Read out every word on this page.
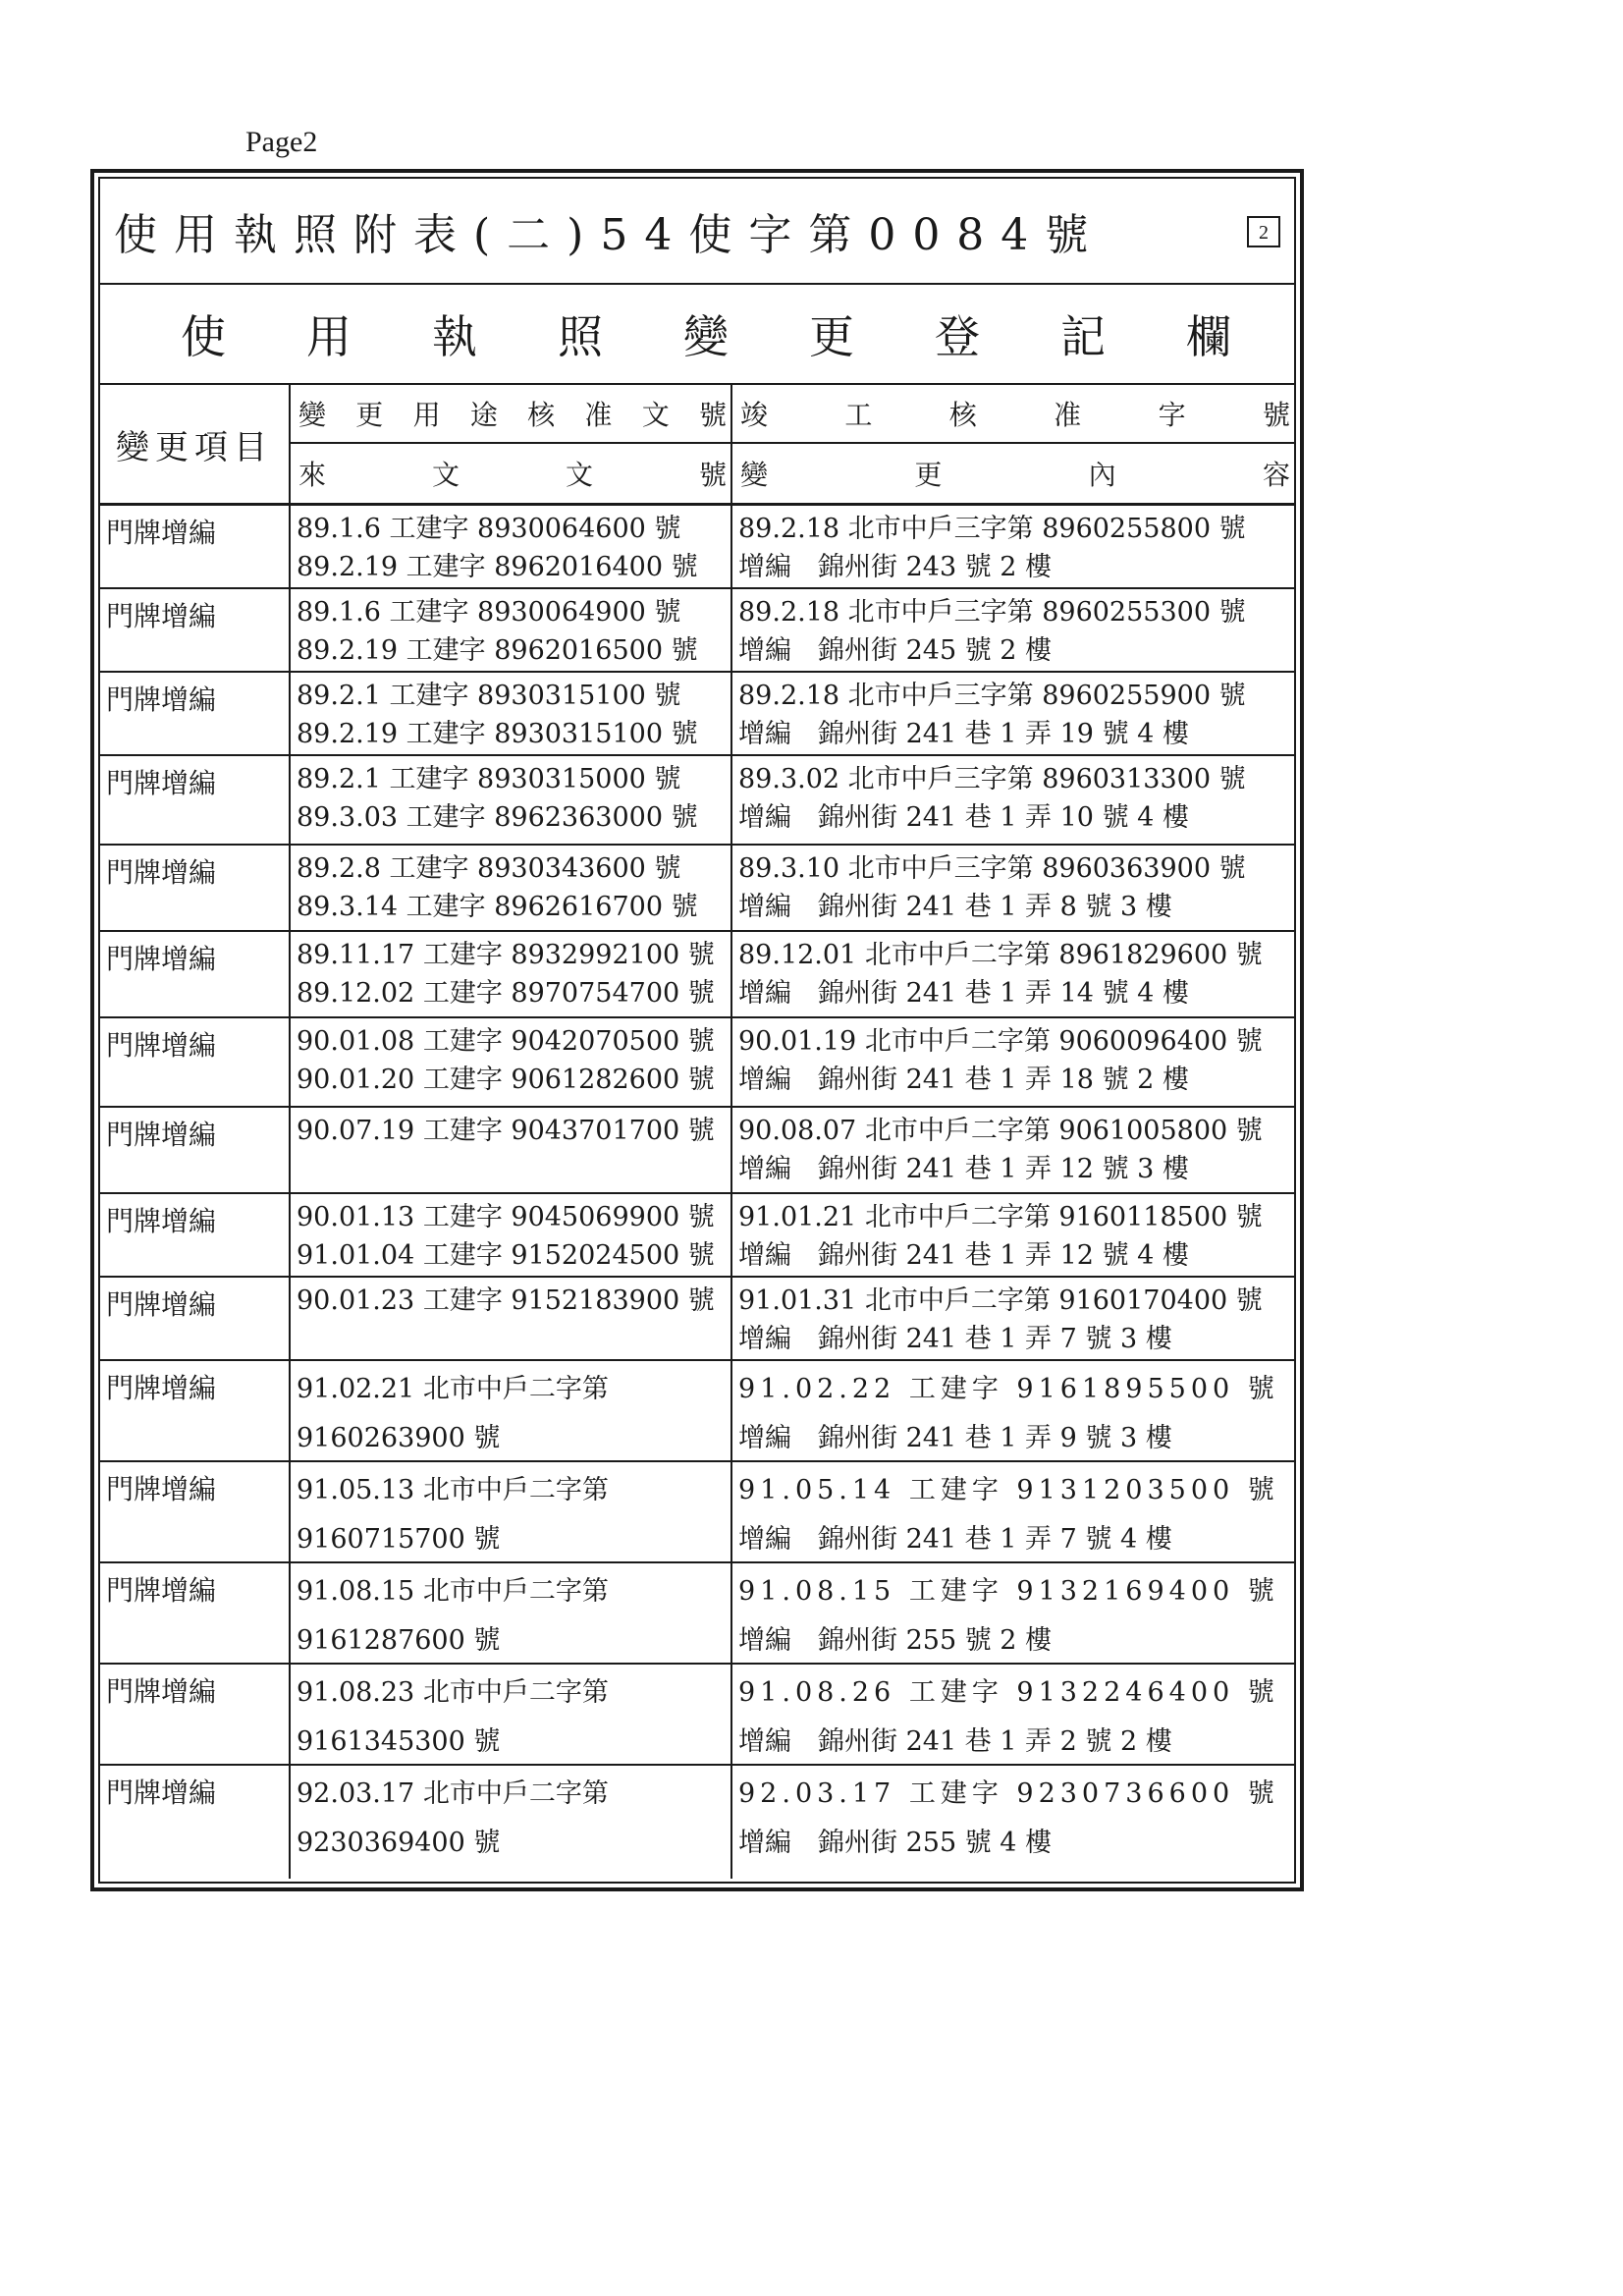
Page2
使用執照附表(二)54使字第0084號	2
使 用 執 照 變 更 登 記 欄
變更項目
變 更 用 途 核 准 文 號
來	文	文	號
竣	工	核	准	字	號
變	更	內	容
門牌增編	89.1.6 工建字 8930064600 號
89.2.19 工建字 8962016400 號
89.2.18 北市中戶三字第 8960255800 號
增編　錦州街 243 號 2 樓
門牌增編	89.1.6 工建字 8930064900 號
89.2.19 工建字 8962016500 號
89.2.18 北市中戶三字第 8960255300 號
增編　錦州街 245 號 2 樓
門牌增編	89.2.1 工建字 8930315100 號
89.2.19 工建字 8930315100 號
89.2.18 北市中戶三字第 8960255900 號
增編　錦州街 241 巷 1 弄 19 號 4 樓
門牌增編	89.2.1 工建字 8930315000 號
89.3.03 工建字 8962363000 號
89.3.02 北市中戶三字第 8960313300 號
增編　錦州街 241 巷 1 弄 10 號 4 樓
門牌增編	89.2.8 工建字 8930343600 號
89.3.14 工建字 8962616700 號
89.3.10 北市中戶三字第 8960363900 號
增編　錦州街 241 巷 1 弄 8 號 3 樓
門牌增編	89.11.17 工建字 8932992100 號
89.12.02 工建字 8970754700 號
89.12.01 北市中戶二字第 8961829600 號
增編　錦州街 241 巷 1 弄 14 號 4 樓
門牌增編	90.01.08 工建字 9042070500 號
90.01.20 工建字 9061282600 號
90.01.19 北市中戶二字第 9060096400 號
增編　錦州街 241 巷 1 弄 18 號 2 樓
門牌增編	90.07.19 工建字 9043701700 號 90.08.07 北市中戶二字第 9061005800 號
增編　錦州街 241 巷 1 弄 12 號 3 樓
門牌增編	90.01.13 工建字 9045069900 號
91.01.04 工建字 9152024500 號
91.01.21 北市中戶二字第 9160118500 號
增編　錦州街 241 巷 1 弄 12 號 4 樓
門牌增編	90.01.23 工建字 9152183900 號 91.01.31 北市中戶二字第 9160170400 號
增編　錦州街 241 巷 1 弄 7 號 3 樓
門牌增編	91.02.21 北市中戶二字第
9160263900 號
91.02.22 工建字 9161895500 號
增編　錦州街 241 巷 1 弄 9 號 3 樓
門牌增編	91.05.13 北市中戶二字第
9160715700 號
91.05.14 工建字 9131203500 號
增編　錦州街 241 巷 1 弄 7 號 4 樓
門牌增編	91.08.15 北市中戶二字第
9161287600 號
91.08.15 工建字 9132169400 號
增編　錦州街 255 號 2 樓
門牌增編	91.08.23 北市中戶二字第
9161345300 號
91.08.26 工建字 9132246400 號
增編　錦州街 241 巷 1 弄 2 號 2 樓
門牌增編	92.03.17 北市中戶二字第
9230369400 號
92.03.17 工建字 9230736600 號
增編　錦州街 255 號 4 樓
